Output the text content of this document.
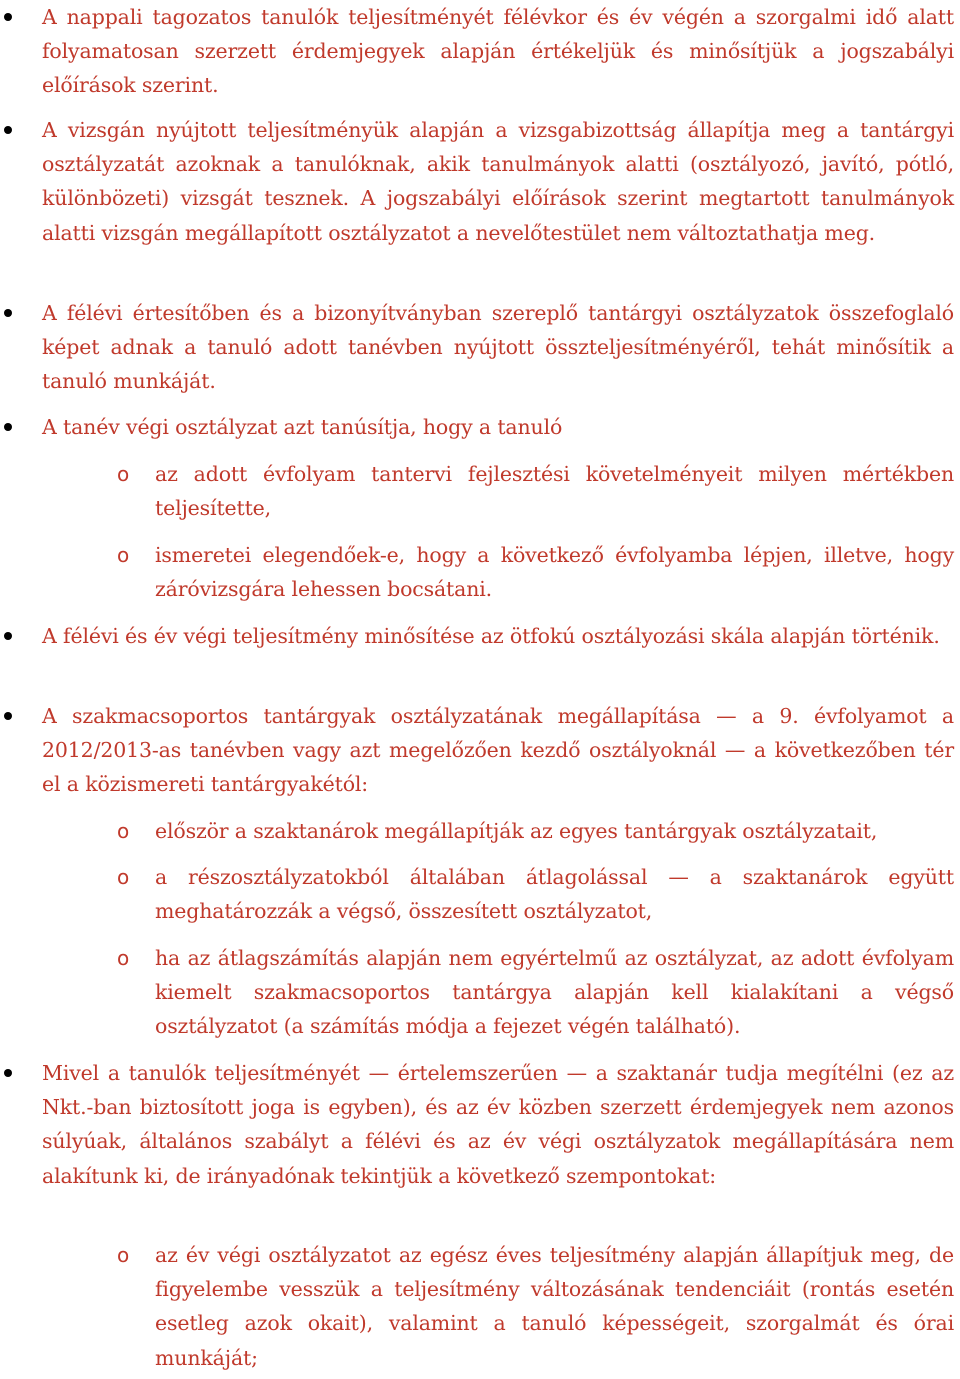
A nappali tagozatos tanulók teljesítményét félévkor és év végén a szorgalmi idő alatt folyamatosan szerzett érdemjegyek alapján értékeljük és minősítjük a jogszabályi előírások szerint.
A vizsgán nyújtott teljesítményük alapján a vizsgabizottság állapítja meg a tantárgyi osztályzatát azoknak a tanulóknak, akik tanulmányok alatti (osztályozó, javító, pótló, különbözeti) vizsgát tesznek. A jogszabályi előírások szerint megtartott tanulmányok alatti vizsgán megállapított osztályzatot a nevelőtestület nem változtathatja meg.
A félévi értesítőben és a bizonyítványban szereplő tantárgyi osztályzatok összefoglaló képet adnak a tanuló adott tanévben nyújtott összteljesítményéről, tehát minősítik a tanuló munkáját.
A tanév végi osztályzat azt tanúsítja, hogy a tanuló
o az adott évfolyam tantervi fejlesztési követelményeit milyen mértékben teljesítette,
o ismeretei elegendőek-e, hogy a következő évfolyamba lépjen, illetve, hogy záróvizsgára lehessen bocsátani.
A félévi és év végi teljesítmény minősítése az ötfokú osztályozási skála alapján történik.
A szakmacsoportos tantárgyak osztályzatának megállapítása — a 9. évfolyamot a 2012/2013-as tanévben vagy azt megelőzően kezdő osztályoknál — a következőben tér el a közismereti tantárgyakétól:
o először a szaktanárok megállapítják az egyes tantárgyak osztályzatait,
o a részosztályzatokból általában átlagolással — a szaktanárok együtt meghatározzák a végső, összesített osztályzatot,
o ha az átlagszámítás alapján nem egyértelmű az osztályzat, az adott évfolyam kiemelt szakmacsoportos tantárgya alapján kell kialakítani a végső osztályzatot (a számítás módja a fejezet végén található).
Mivel a tanulók teljesítményét — értelemszerűen — a szaktanár tudja megítélni (ez az Nkt.-ban biztosított joga is egyben), és az év közben szerzett érdemjegyek nem azonos súlyúak, általános szabályt a félévi és az év végi osztályzatok megállapítására nem alakítunk ki, de irányadónak tekintjük a következő szempontokat:
o az év végi osztályzatot az egész éves teljesítmény alapján állapítjuk meg, de figyelembe vesszük a teljesítmény változásának tendenciáit (rontás esetén esetleg azok okait), valamint a tanuló képességeit, szorgalmát és órai munkáját;
